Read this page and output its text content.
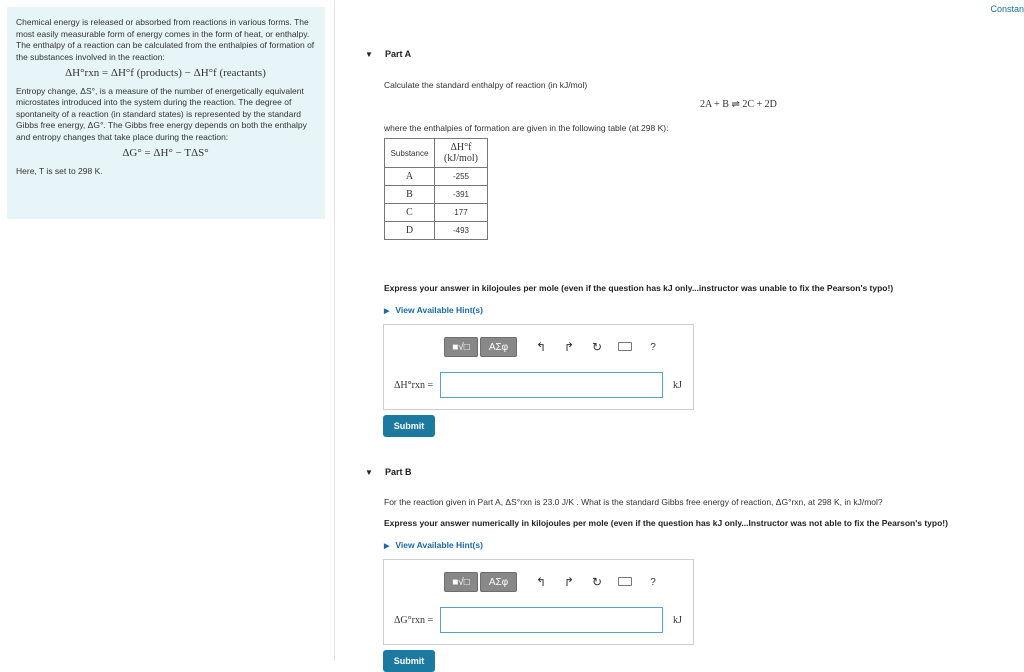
Chemical energy is released or absorbed from reactions in various forms. The most easily measurable form of energy comes in the form of heat, or enthalpy. The enthalpy of a reaction can be calculated from the enthalpies of formation of the substances involved in the reaction:

ΔH°rxn = ΔH°f (products) − ΔH°f (reactants)

Entropy change, ΔS°, is a measure of the number of energetically equivalent microstates introduced into the system during the reaction. The degree of spontaneity of a reaction (in standard states) is represented by the standard Gibbs free energy, ΔG°. The Gibbs free energy depends on both the enthalpy and entropy changes that take place during the reaction:

ΔG° = ΔH° − TΔS°

Here, T is set to 298 K.

Constan
▼ Part A
Calculate the standard enthalpy of reaction (in kJ/mol)
2A + B ⇌ 2C + 2D
where the enthalpies of formation are given in the following table (at 298 K):
Substance	ΔH°f
(kJ/mol)

A	-255
B	-391
C	177
D	-493
Express your answer in kilojoules per mole (even if the question has kJ only...instructor was unable to fix the Pearson's typo!)
▶ View Available Hint(s)
■√□	ΑΣφ	↰ ↱ ↻	?
ΔH°rxn =	kJ
Submit
▼ Part B
For the reaction given in Part A, ΔS°rxn is 23.0 J/K . What is the standard Gibbs free energy of reaction, ΔG°rxn, at 298 K, in kJ/mol?
Express your answer numerically in kilojoules per mole (even if the question has kJ only...Instructor was not able to fix the Pearson's typo!)
▶ View Available Hint(s)
■√□	ΑΣφ	↰ ↱ ↻	?
ΔG°rxn =	kJ
Submit
